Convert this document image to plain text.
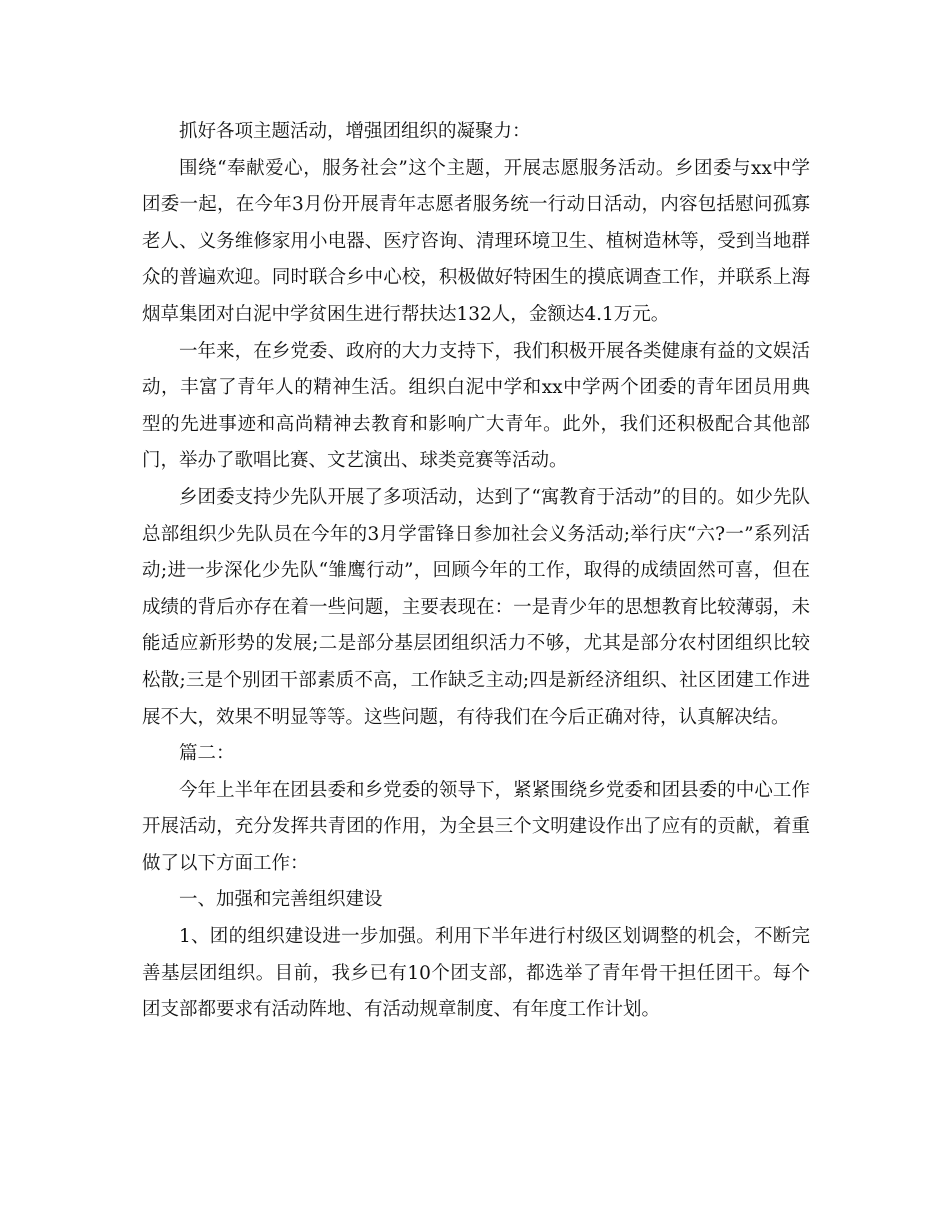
抓好各项主题活动，增强团组织的凝聚力：

围绕“奉献爱心，服务社会”这个主题，开展志愿服务活动。乡团委与xx中学团委一起，在今年3月份开展青年志愿者服务统一行动日活动，内容包括慰问孤寡老人、义务维修家用小电器、医疗咨询、清理环境卫生、植树造林等，受到当地群众的普遍欢迎。同时联合乡中心校，积极做好特困生的摸底调查工作，并联系上海烟草集团对白泥中学贫困生进行帮扶达132人，金额达4.1万元。

一年来，在乡党委、政府的大力支持下，我们积极开展各类健康有益的文娱活动，丰富了青年人的精神生活。组织白泥中学和xx中学两个团委的青年团员用典型的先进事迹和高尚精神去教育和影响广大青年。此外，我们还积极配合其他部门，举办了歌唱比赛、文艺演出、球类竞赛等活动。

乡团委支持少先队开展了多项活动，达到了“寓教育于活动”的目的。如少先队总部组织少先队员在今年的3月学雷锋日参加社会义务活动;举行庆“六?一”系列活动;进一步深化少先队“雏鹰行动”，回顾今年的工作，取得的成绩固然可喜，但在成绩的背后亦存在着一些问题，主要表现在：一是青少年的思想教育比较薄弱，未能适应新形势的发展;二是部分基层团组织活力不够，尤其是部分农村团组织比较松散;三是个别团干部素质不高，工作缺乏主动;四是新经济组织、社区团建工作进展不大，效果不明显等等。这些问题，有待我们在今后正确对待，认真解决结。

篇二：

今年上半年在团县委和乡党委的领导下，紧紧围绕乡党委和团县委的中心工作开展活动，充分发挥共青团的作用，为全县三个文明建设作出了应有的贡献，着重做了以下方面工作：

一、加强和完善组织建设

1、团的组织建设进一步加强。利用下半年进行村级区划调整的机会，不断完善基层团组织。目前，我乡已有10个团支部，都选举了青年骨干担任团干。每个团支部都要求有活动阵地、有活动规章制度、有年度工作计划。
